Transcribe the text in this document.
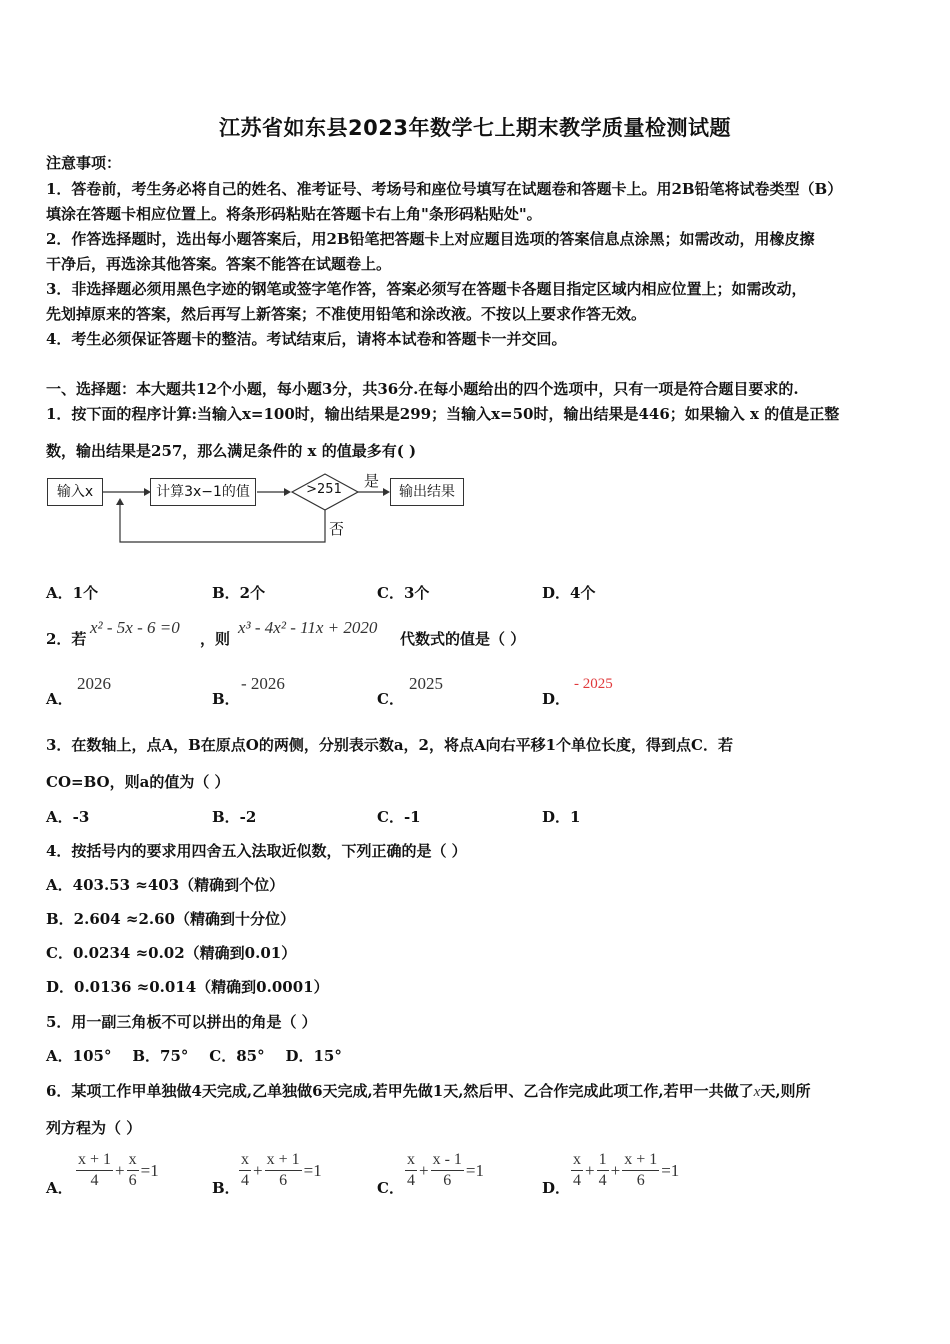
江苏省如东县2023年数学七上期末教学质量检测试题
注意事项：
1．答卷前，考生务必将自己的姓名、准考证号、考场号和座位号填写在试题卷和答题卡上。用2B铅笔将试卷类型（B）
填涂在答题卡相应位置上。将条形码粘贴在答题卡右上角"条形码粘贴处"。
2．作答选择题时，选出每小题答案后，用2B铅笔把答题卡上对应题目选项的答案信息点涂黑；如需改动，用橡皮擦
干净后，再选涂其他答案。答案不能答在试题卷上。
3．非选择题必须用黑色字迹的钢笔或签字笔作答，答案必须写在答题卡各题目指定区域内相应位置上；如需改动，
先划掉原来的答案，然后再写上新答案；不准使用铅笔和涂改液。不按以上要求作答无效。
4．考生必须保证答题卡的整洁。考试结束后，请将本试卷和答题卡一并交回。
一、选择题：本大题共12个小题，每小题3分，共36分.在每小题给出的四个选项中，只有一项是符合题目要求的.
1．按下面的程序计算:当输入x=100时，输出结果是299；当输入x=50时，输出结果是446；如果输入 x 的值是正整
数，输出结果是257，那么满足条件的 x 的值最多有( )
输入x	计算3x−1的值	>251	是
否
输出结果
A．1个	B．2个	C．3个	D．4个
2．若
x² - 5x - 6 =0
，则
x³ - 4x² - 11x + 2020
代数式的值是（ ）
A．
2026
B．
- 2026
C．
2025
D．
- 2025
3．在数轴上，点A，B在原点O的两侧，分别表示数a，2，将点A向右平移1个单位长度，得到点C．若
CO=BO，则a的值为（ ）
A．-3	B．-2	C．-1	D．1
4．按括号内的要求用四舍五入法取近似数，下列正确的是（ ）
A．403.53 ≈403（精确到个位）
B．2.604 ≈2.60（精确到十分位）
C．0.0234 ≈0.02（精确到0.01）
D．0.0136 ≈0.014（精确到0.0001）
5．用一副三角板不可以拼出的角是（ ）
A．105°    B．75°    C．85°    D．15°
6．某项工作甲单独做4天完成,乙单独做6天完成,若甲先做1天,然后甲、乙合作完成此项工作,若甲一共做了x天,则所
列方程为（ ）
A． $\frac{x + 1}{4} + \frac{x}{6} =1$
B． $\frac{x}{4} + \frac{x + 1}{6} =1$
C． $\frac{x}{4} + \frac{x - 1}{6} =1$
D． $\frac{x}{4} + \frac{1}{4} + \frac{x + 1}{6} =1$
